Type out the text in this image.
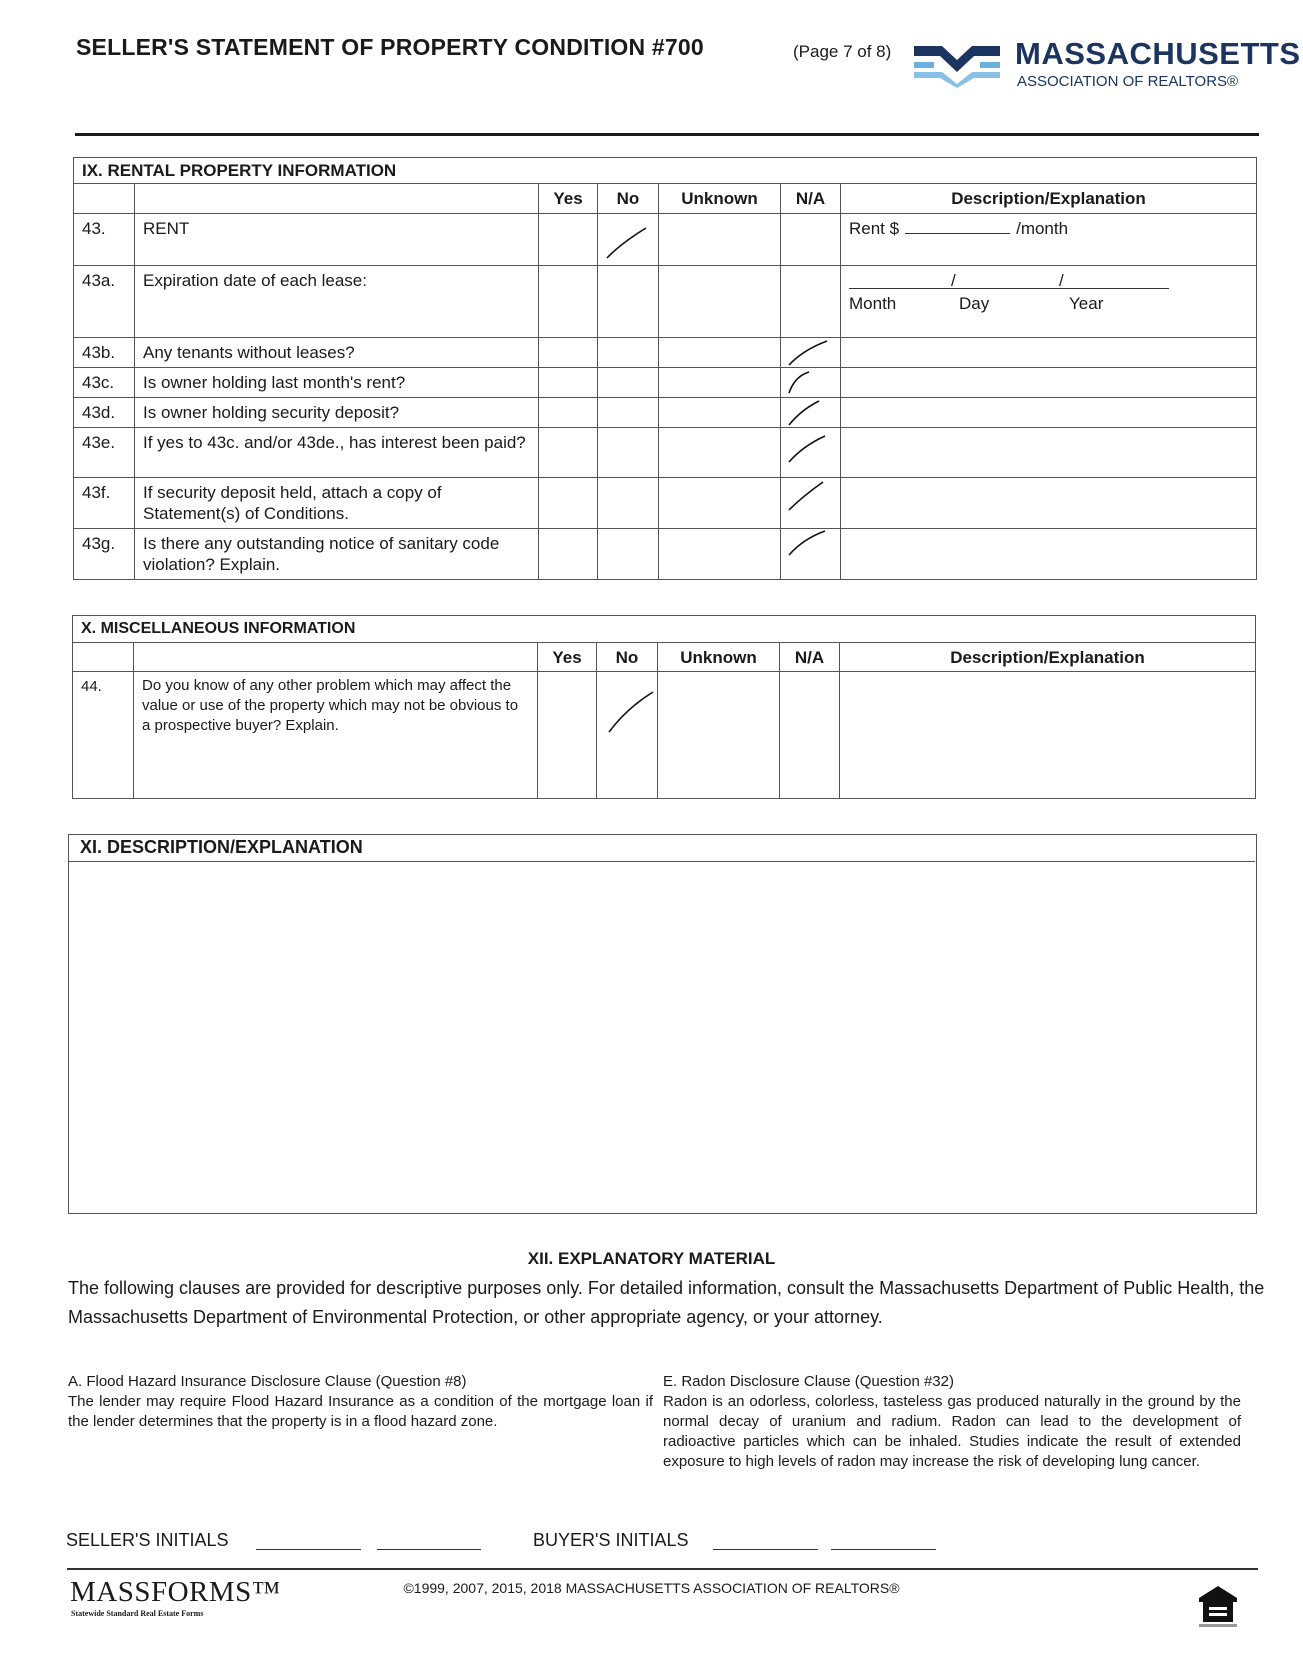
SELLER'S STATEMENT OF PROPERTY CONDITION #700	(Page 7 of 8)	MASSACHUSETTS
ASSOCIATION OF REALTORS®
IX. RENTAL PROPERTY INFORMATION						
		Yes	No	Unknown	N/A	Description/Explanation
43.	RENT					Rent $ /month
43a.	Expiration date of each lease:					/ /
Month Day Year

43b.	Any tenants without leases?				

43c.	Is owner holding last month's rent?				

43d.	Is owner holding security deposit?				

43e.	If yes to 43c. and/or 43de., has interest been paid?				

43f.	If security deposit held, attach a copy of Statement(s) of Conditions.				

43g.	Is there any outstanding notice of sanitary code violation? Explain.				

X. MISCELLANEOUS INFORMATION						
		Yes	No	Unknown	N/A	Description/Explanation
44.	Do you know of any other problem which may affect the value or use of the property which may not be obvious to a prospective buyer? Explain.		

XI. DESCRIPTION/EXPLANATION
XII. EXPLANATORY MATERIAL
The following clauses are provided for descriptive purposes only. For detailed information, consult the Massachusetts Department of Public Health, the Massachusetts Department of Environmental Protection, or other appropriate agency, or your attorney.
A. Flood Hazard Insurance Disclosure Clause (Question #8)
The lender may require Flood Hazard Insurance as a condition of the mortgage loan if the lender determines that the property is in a flood hazard zone.
E. Radon Disclosure Clause (Question #32)
Radon is an odorless, colorless, tasteless gas produced naturally in the ground by the normal decay of uranium and radium. Radon can lead to the development of radioactive particles which can be inhaled. Studies indicate the result of extended exposure to high levels of radon may increase the risk of developing lung cancer.
SELLER'S INITIALS	BUYER'S INITIALS
MASSFORMS™
Statewide Standard Real Estate Forms
©1999, 2007, 2015, 2018 MASSACHUSETTS ASSOCIATION OF REALTORS®
